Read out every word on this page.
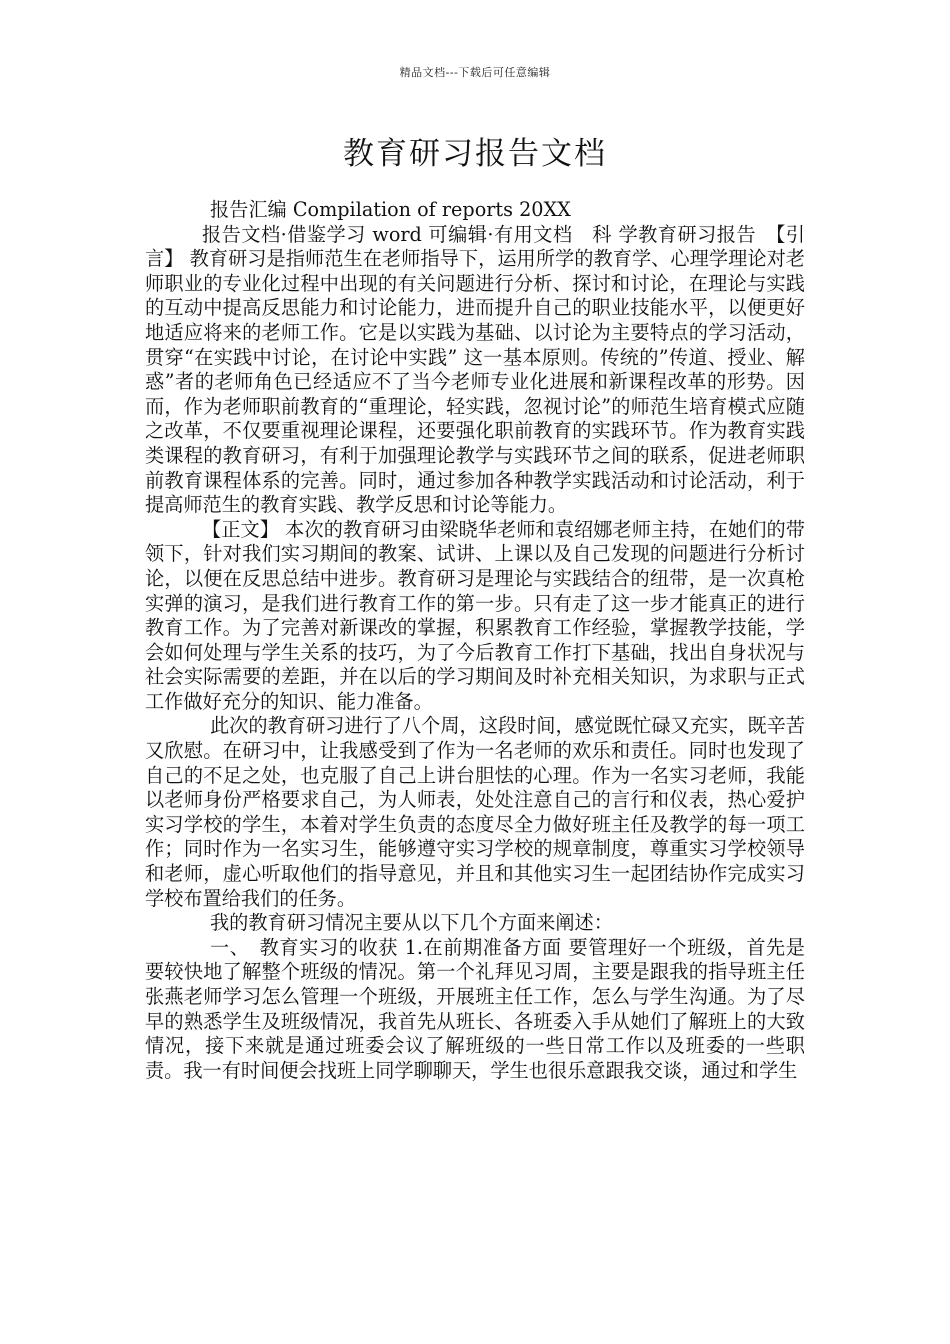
精品文档---下载后可任意编辑
教育研习报告文档

报告汇编 Compilation of reports 20XX

报告文档·借鉴学习 word 可编辑·有用文档　科 学教育研习报告　【引言】 教育研习是指师范生在老师指导下，运用所学的教育学、心理学理论对老师职业的专业化过程中出现的有关问题进行分析、探讨和讨论，在理论与实践的互动中提高反思能力和讨论能力，进而提升自己的职业技能水平，以便更好地适应将来的老师工作。它是以实践为基础、以讨论为主要特点的学习活动，贯穿“在实践中讨论，在讨论中实践” 这一基本原则。传统的”传道、授业、解惑”者的老师角色已经适应不了当今老师专业化进展和新课程改革的形势。因而，作为老师职前教育的“重理论，轻实践，忽视讨论”的师范生培育模式应随之改革，不仅要重视理论课程，还要强化职前教育的实践环节。作为教育实践类课程的教育研习，有利于加强理论教学与实践环节之间的联系，促进老师职前教育课程体系的完善。同时，通过参加各种教学实践活动和讨论活动，利于提高师范生的教育实践、教学反思和讨论等能力。

【正文】 本次的教育研习由梁晓华老师和袁绍娜老师主持，在她们的带领下，针对我们实习期间的教案、试讲、上课以及自己发现的问题进行分析讨论，以便在反思总结中进步。教育研习是理论与实践结合的纽带，是一次真枪实弹的演习，是我们进行教育工作的第一步。只有走了这一步才能真正的进行教育工作。为了完善对新课改的掌握，积累教育工作经验，掌握教学技能，学会如何处理与学生关系的技巧，为了今后教育工作打下基础，找出自身状况与社会实际需要的差距，并在以后的学习期间及时补充相关知识，为求职与正式工作做好充分的知识、能力准备。

此次的教育研习进行了八个周，这段时间，感觉既忙碌又充实，既辛苦又欣慰。在研习中，让我感受到了作为一名老师的欢乐和责任。同时也发现了自己的不足之处，也克服了自己上讲台胆怯的心理。作为一名实习老师，我能以老师身份严格要求自己，为人师表，处处注意自己的言行和仪表，热心爱护实习学校的学生，本着对学生负责的态度尽全力做好班主任及教学的每一项工作；同时作为一名实习生，能够遵守实习学校的规章制度，尊重实习学校领导和老师，虚心听取他们的指导意见，并且和其他实习生一起团结协作完成实习学校布置给我们的任务。

我的教育研习情况主要从以下几个方面来阐述：

一、　教育实习的收获 1.在前期准备方面 要管理好一个班级，首先是要较快地了解整个班级的情况。第一个礼拜见习周，主要是跟我的指导班主任张燕老师学习怎么管理一个班级，开展班主任工作，怎么与学生沟通。为了尽早的熟悉学生及班级情况，我首先从班长、各班委入手从她们了解班上的大致情况，接下来就是通过班委会议了解班级的一些日常工作以及班委的一些职责。我一有时间便会找班上同学聊聊天，学生也很乐意跟我交谈，通过和学生
